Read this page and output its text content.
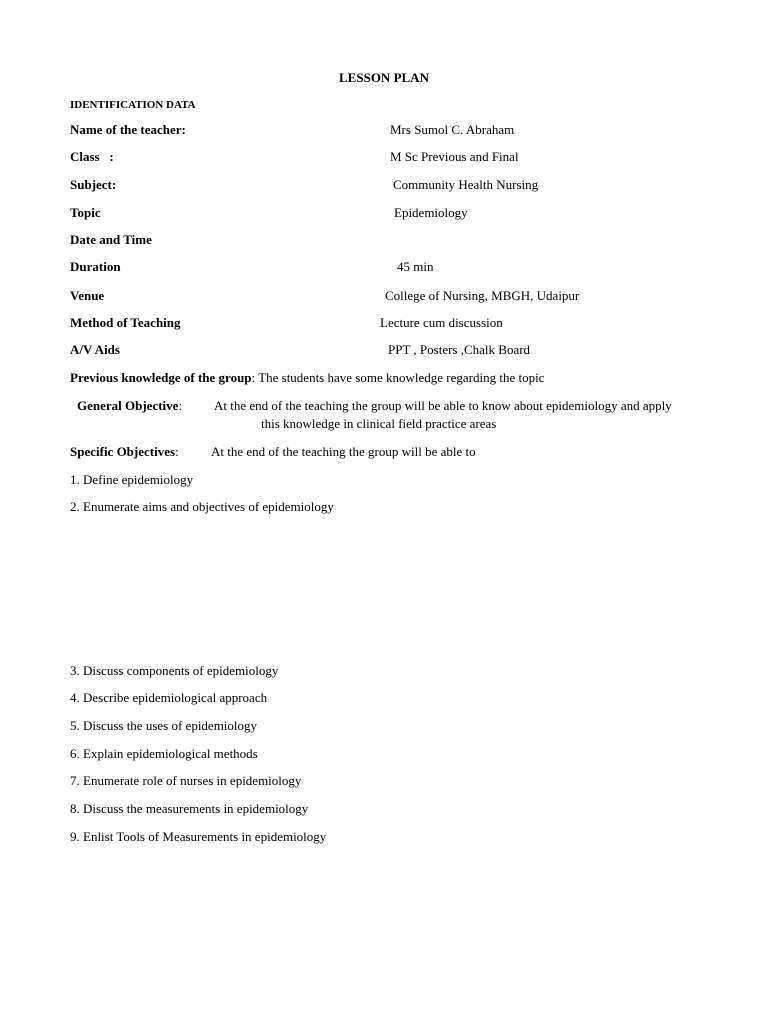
LESSON PLAN
IDENTIFICATION DATA
Name of the teacher:	Mrs Sumol C. Abraham
Class   :	M Sc Previous and Final
Subject:	Community Health Nursing
Topic	Epidemiology
Date and Time
Duration	45 min
Venue	College of Nursing, MBGH, Udaipur
Method of Teaching	Lecture cum discussion
A/V Aids	PPT , Posters ,Chalk Board
Previous knowledge of the group: The students have some knowledge regarding the topic
General Objective: At the end of the teaching the group will be able to know about epidemiology and apply
this knowledge in clinical field practice areas
Specific Objectives: At the end of the teaching the group will be able to
1. Define epidemiology
2. Enumerate aims and objectives of epidemiology
3. Discuss components of epidemiology
4. Describe epidemiological approach
5. Discuss the uses of epidemiology
6. Explain epidemiological methods
7. Enumerate role of nurses in epidemiology
8. Discuss the measurements in epidemiology
9. Enlist Tools of Measurements in epidemiology
